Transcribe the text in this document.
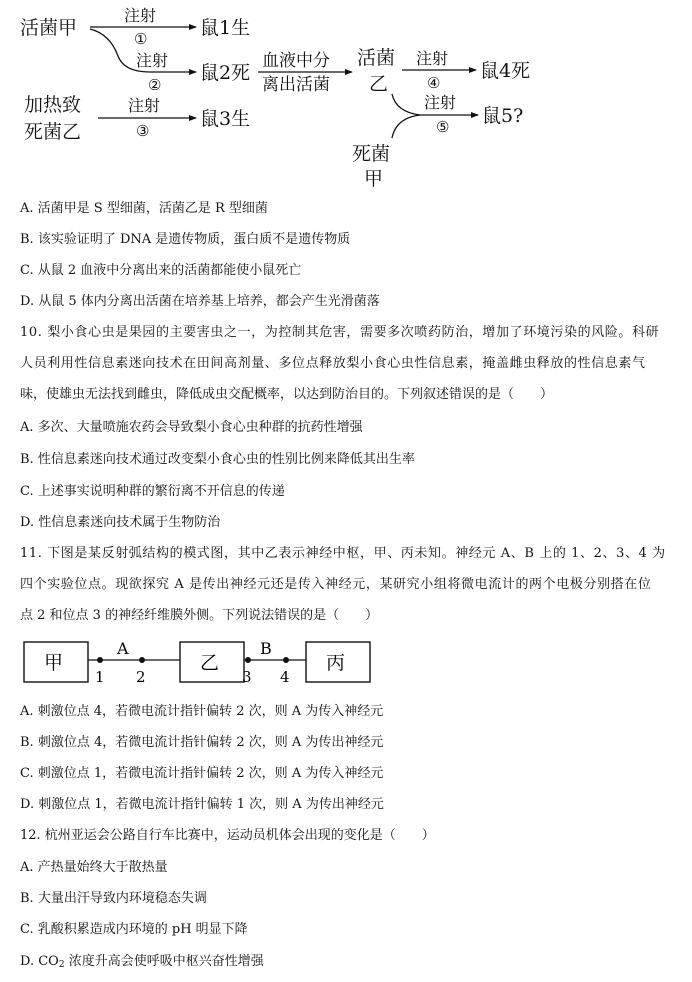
活菌甲
注射
①	鼠1生
注射
②
鼠2死
血液中分
离出活菌
活菌
乙
注射
④
鼠4死
注射
⑤ 鼠5?
死菌
甲
加热致
死菌乙
注射
③
鼠3生
A. 活菌甲是 S 型细菌，活菌乙是 R 型细菌
B. 该实验证明了 DNA 是遗传物质，蛋白质不是遗传物质
C. 从鼠 2 血液中分离出来的活菌都能使小鼠死亡
D. 从鼠 5 体内分离出活菌在培养基上培养，都会产生光滑菌落
10. 梨小食心虫是果园的主要害虫之一，为控制其危害，需要多次喷药防治，增加了环境污染的风险。科研
人员利用性信息素迷向技术在田间高剂量、多位点释放梨小食心虫性信息素，掩盖雌虫释放的性信息素气
味，使雄虫无法找到雌虫，降低成虫交配概率，以达到防治目的。下列叙述错误的是（　　）
A. 多次、大量喷施农药会导致梨小食心虫种群的抗药性增强
B. 性信息素迷向技术通过改变梨小食心虫的性别比例来降低其出生率
C. 上述事实说明种群的繁衍离不开信息的传递
D. 性信息素迷向技术属于生物防治
11. 下图是某反射弧结构的模式图，其中乙表示神经中枢，甲、丙未知。神经元 A、B 上的 1、2、3、4 为
四个实验位点。现欲探究 A 是传出神经元还是传入神经元，某研究小组将微电流计的两个电极分别搭在位
点 2 和位点 3 的神经纤维膜外侧。下列说法错误的是（　　）
甲
A
1 2
乙
B
3 4
丙
A. 刺激位点 4，若微电流计指针偏转 2 次，则 A 为传入神经元
B. 刺激位点 4，若微电流计指针偏转 2 次，则 A 为传出神经元
C. 刺激位点 1，若微电流计指针偏转 2 次，则 A 为传入神经元
D. 刺激位点 1，若微电流计指针偏转 1 次，则 A 为传出神经元
12. 杭州亚运会公路自行车比赛中，运动员机体会出现的变化是（　　）
A. 产热量始终大于散热量
B. 大量出汗导致内环境稳态失调
C. 乳酸积累造成内环境的 pH 明显下降
D. $CO_2$ 浓度升高会使呼吸中枢兴奋性增强
